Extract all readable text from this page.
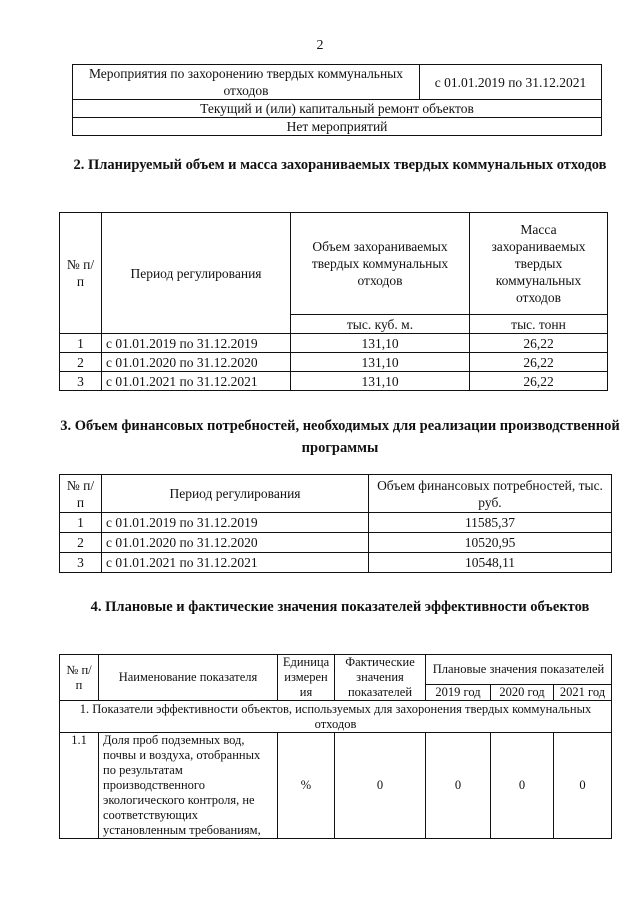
2
Мероприятия по захоронению твердых коммунальных отходов	с 01.01.2019 по 31.12.2021
Текущий и (или) капитальный ремонт объектов
Нет мероприятий
2. Планируемый объем и масса захораниваемых твердых коммунальных отходов
№ п/п	Период регулирования	Объем захораниваемых твердых коммунальных отходов	Масса захораниваемых твердых коммунальных отходов
		тыс. куб. м.	тыс. тонн
1	с 01.01.2019 по 31.12.2019	131,10	26,22
2	с 01.01.2020 по 31.12.2020	131,10	26,22
3	с 01.01.2021 по 31.12.2021	131,10	26,22
3. Объем финансовых потребностей, необходимых для реализации производственной программы
№ п/п	Период регулирования	Объем финансовых потребностей, тыс. руб.
1	с 01.01.2019 по 31.12.2019	11585,37
2	с 01.01.2020 по 31.12.2020	10520,95
3	с 01.01.2021 по 31.12.2021	10548,11
4. Плановые и фактические значения показателей эффективности объектов
№ п/п	Наименование показателя	Единица измерения	Фактические значения показателей	Плановые значения показателей		
				2019 год	2020 год	2021 год
1. Показатели эффективности объектов, используемых для захоронения твердых коммунальных отходов						
1.1	Доля проб подземных вод, почвы и воздуха, отобранных по результатам производственного экологического контроля, не соответствующих установленным требованиям,	%	0	0	0	0
